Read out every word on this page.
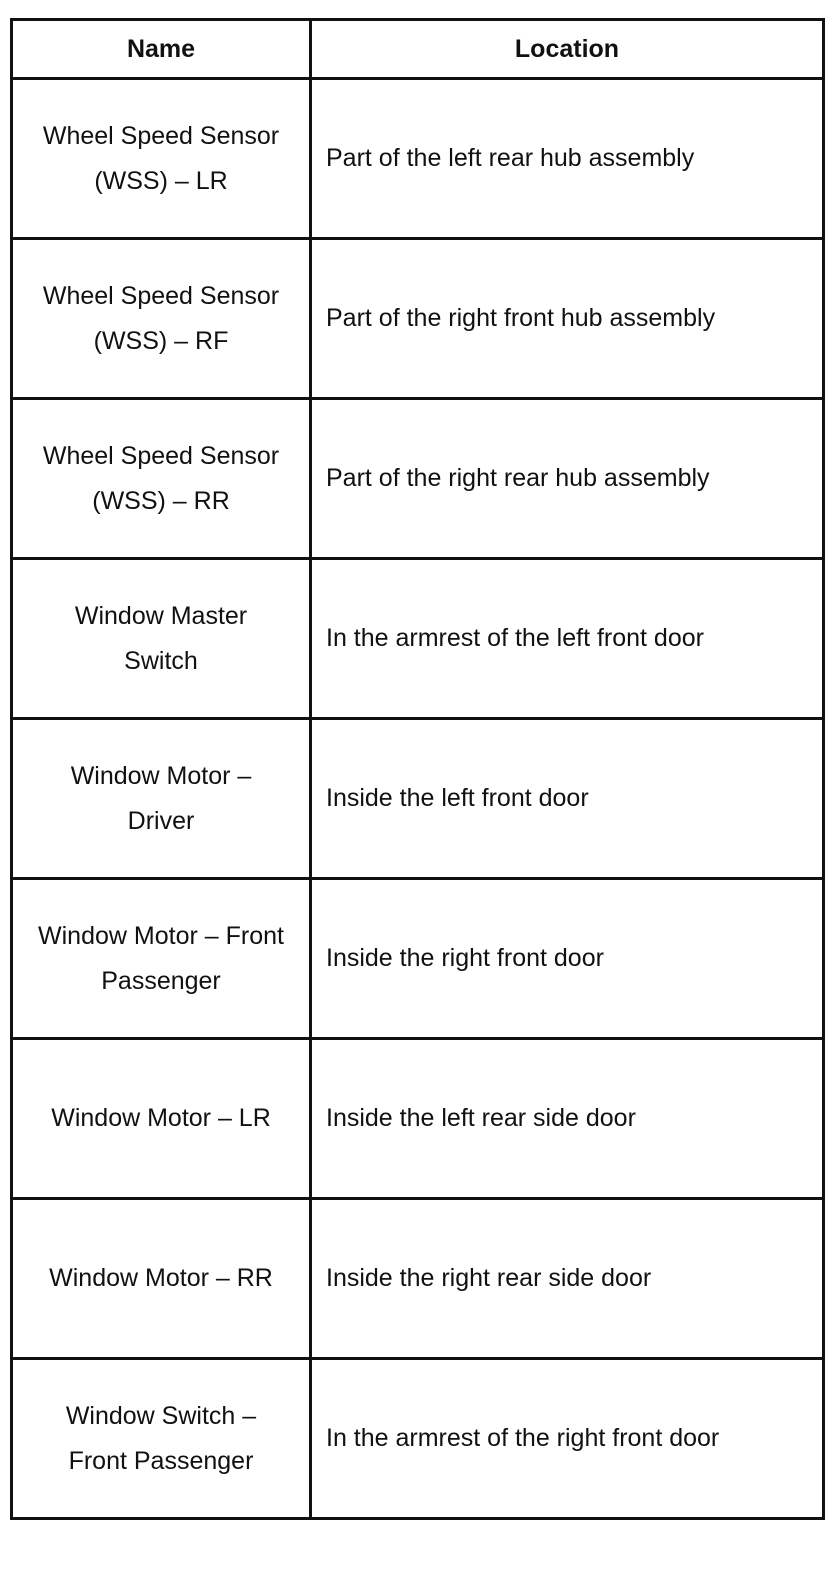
Name	Location
Wheel Speed Sensor (WSS) – LR	Part of the left rear hub assembly
Wheel Speed Sensor (WSS) – RF	Part of the right front hub assembly
Wheel Speed Sensor (WSS) – RR	Part of the right rear hub assembly
Window Master Switch	In the armrest of the left front door
Window Motor – Driver	Inside the left front door
Window Motor – Front Passenger	Inside the right front door
Window Motor – LR	Inside the left rear side door
Window Motor – RR	Inside the right rear side door
Window Switch – Front Passenger	In the armrest of the right front door
